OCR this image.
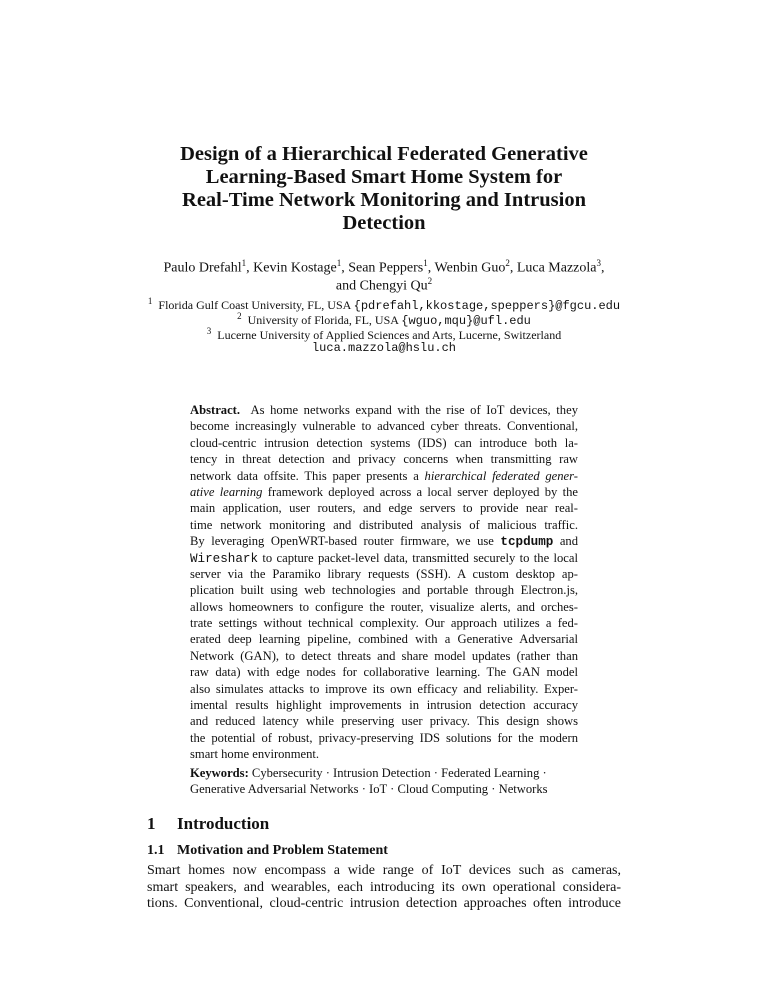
Design of a Hierarchical Federated Generative
Learning-Based Smart Home System for
Real-Time Network Monitoring and Intrusion
Detection
Paulo Drefahl$^1$, Kevin Kostage$^1$, Sean Peppers$^1$, Wenbin Guo$^2$, Luca Mazzola$^3$,
and Chengyi Qu$^2$
$^1$ Florida Gulf Coast University, FL, USA {pdrefahl,kkostage,speppers}@fgcu.edu
$^2$ University of Florida, FL, USA {wguo,mqu}@ufl.edu
$^3$ Lucerne University of Applied Sciences and Arts, Lucerne, Switzerland
luca.mazzola@hslu.ch
Abstract. As home networks expand with the rise of IoT devices, they
become increasingly vulnerable to advanced cyber threats. Conventional,
cloud-centric intrusion detection systems (IDS) can introduce both la-
tency in threat detection and privacy concerns when transmitting raw
network data offsite. This paper presents a hierarchical federated gener-
ative learning framework deployed across a local server deployed by the
main application, user routers, and edge servers to provide near real-
time network monitoring and distributed analysis of malicious traffic.
By leveraging OpenWRT-based router firmware, we use tcpdump and
Wireshark to capture packet-level data, transmitted securely to the local
server via the Paramiko library requests (SSH). A custom desktop ap-
plication built using web technologies and portable through Electron.js,
allows homeowners to configure the router, visualize alerts, and orches-
trate settings without technical complexity. Our approach utilizes a fed-
erated deep learning pipeline, combined with a Generative Adversarial
Network (GAN), to detect threats and share model updates (rather than
raw data) with edge nodes for collaborative learning. The GAN model
also simulates attacks to improve its own efficacy and reliability. Exper-
imental results highlight improvements in intrusion detection accuracy
and reduced latency while preserving user privacy. This design shows
the potential of robust, privacy-preserving IDS solutions for the modern
smart home environment.
Keywords: Cybersecurity · Intrusion Detection · Federated Learning ·
Generative Adversarial Networks · IoT · Cloud Computing · Networks
1 Introduction
1.1 Motivation and Problem Statement
Smart homes now encompass a wide range of IoT devices such as cameras,
smart speakers, and wearables, each introducing its own operational considera-
tions. Conventional, cloud-centric intrusion detection approaches often introduce
